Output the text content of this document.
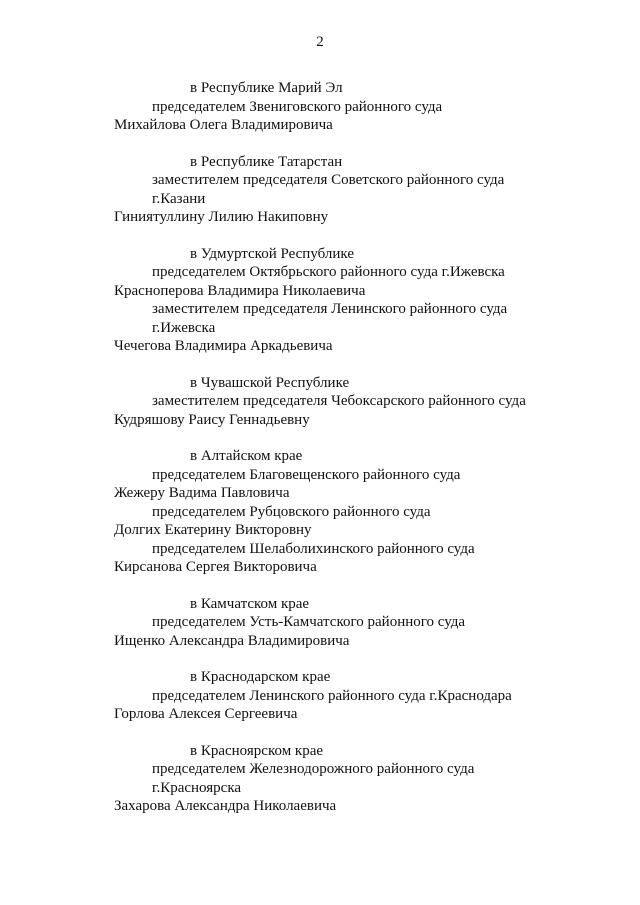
2
в Республике Марий Эл
председателем Звениговского районного суда
Михайлова Олега Владимировича
в Республике Татарстан
заместителем председателя Советского районного суда
г.Казани
Гиниятуллину Лилию Накиповну
в Удмуртской Республике
председателем Октябрьского районного суда г.Ижевска
Красноперова Владимира Николаевича
заместителем председателя Ленинского районного суда
г.Ижевска
Чечегова Владимира Аркадьевича
в Чувашской Республике
заместителем председателя Чебоксарского районного суда
Кудряшову Раису Геннадьевну
в Алтайском крае
председателем Благовещенского районного суда
Жежеру Вадима Павловича
председателем Рубцовского районного суда
Долгих Екатерину Викторовну
председателем Шелаболихинского районного суда
Кирсанова Сергея Викторовича
в Камчатском крае
председателем Усть-Камчатского районного суда
Ищенко Александра Владимировича
в Краснодарском крае
председателем Ленинского районного суда г.Краснодара
Горлова Алексея Сергеевича
в Красноярском крае
председателем Железнодорожного районного суда
г.Красноярска
Захарова Александра Николаевича
